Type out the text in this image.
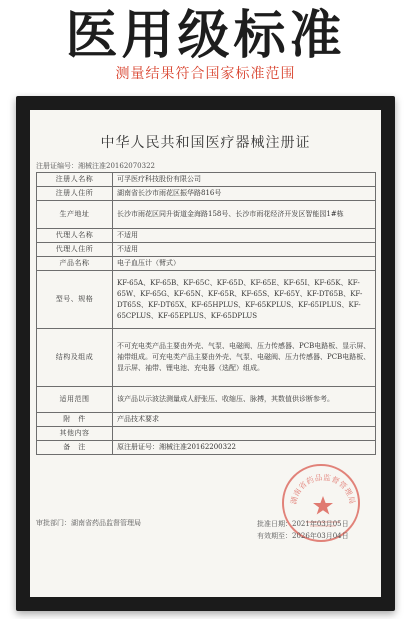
医用级标准
测量结果符合国家标准范围
中华人民共和国医疗器械注册证
注册证编号：湘械注准20162070322
注册人名称	可孚医疗科技股份有限公司
注册人住所	湖南省长沙市雨花区振华路816号
生产地址	长沙市雨花区同升街道金海路158号、长沙市雨花经济开发区智能园1#栋
代理人名称	不适用
代理人住所	不适用
产品名称	电子血压计（臂式）
型号、规格	KF-65A、KF-65B、KF-65C、KF-65D、KF-65E、KF-65I、KF-65K、KF-65W、KF-65G、KF-65N、KF-65R、KF-65S、KF-65Y、KF-DT65B、KF-DT65S、KF-DT65X、KF-65HPLUS、KF-65KPLUS、KF-65IPLUS、KF-65CPLUS、KF-65EPLUS、KF-65DPLUS
结构及组成	不可充电类产品主要由外壳、气泵、电磁阀、压力传感器、PCB电路板、显示屏、袖带组成。可充电类产品主要由外壳、气泵、电磁阀、压力传感器、PCB电路板、显示屏、袖带、锂电池、充电器（选配）组成。
适用范围	该产品以示波法测量成人舒张压、收缩压、脉搏，其数值供诊断参考。
附　件	产品技术要求
其他内容	
备　注	原注册证号：湘械注准20162200322
湖南省药品监督管理局
审批部门：湖南省药品监督管理局	批准日期：2021年03月05日
有效期至：2026年03月04日
